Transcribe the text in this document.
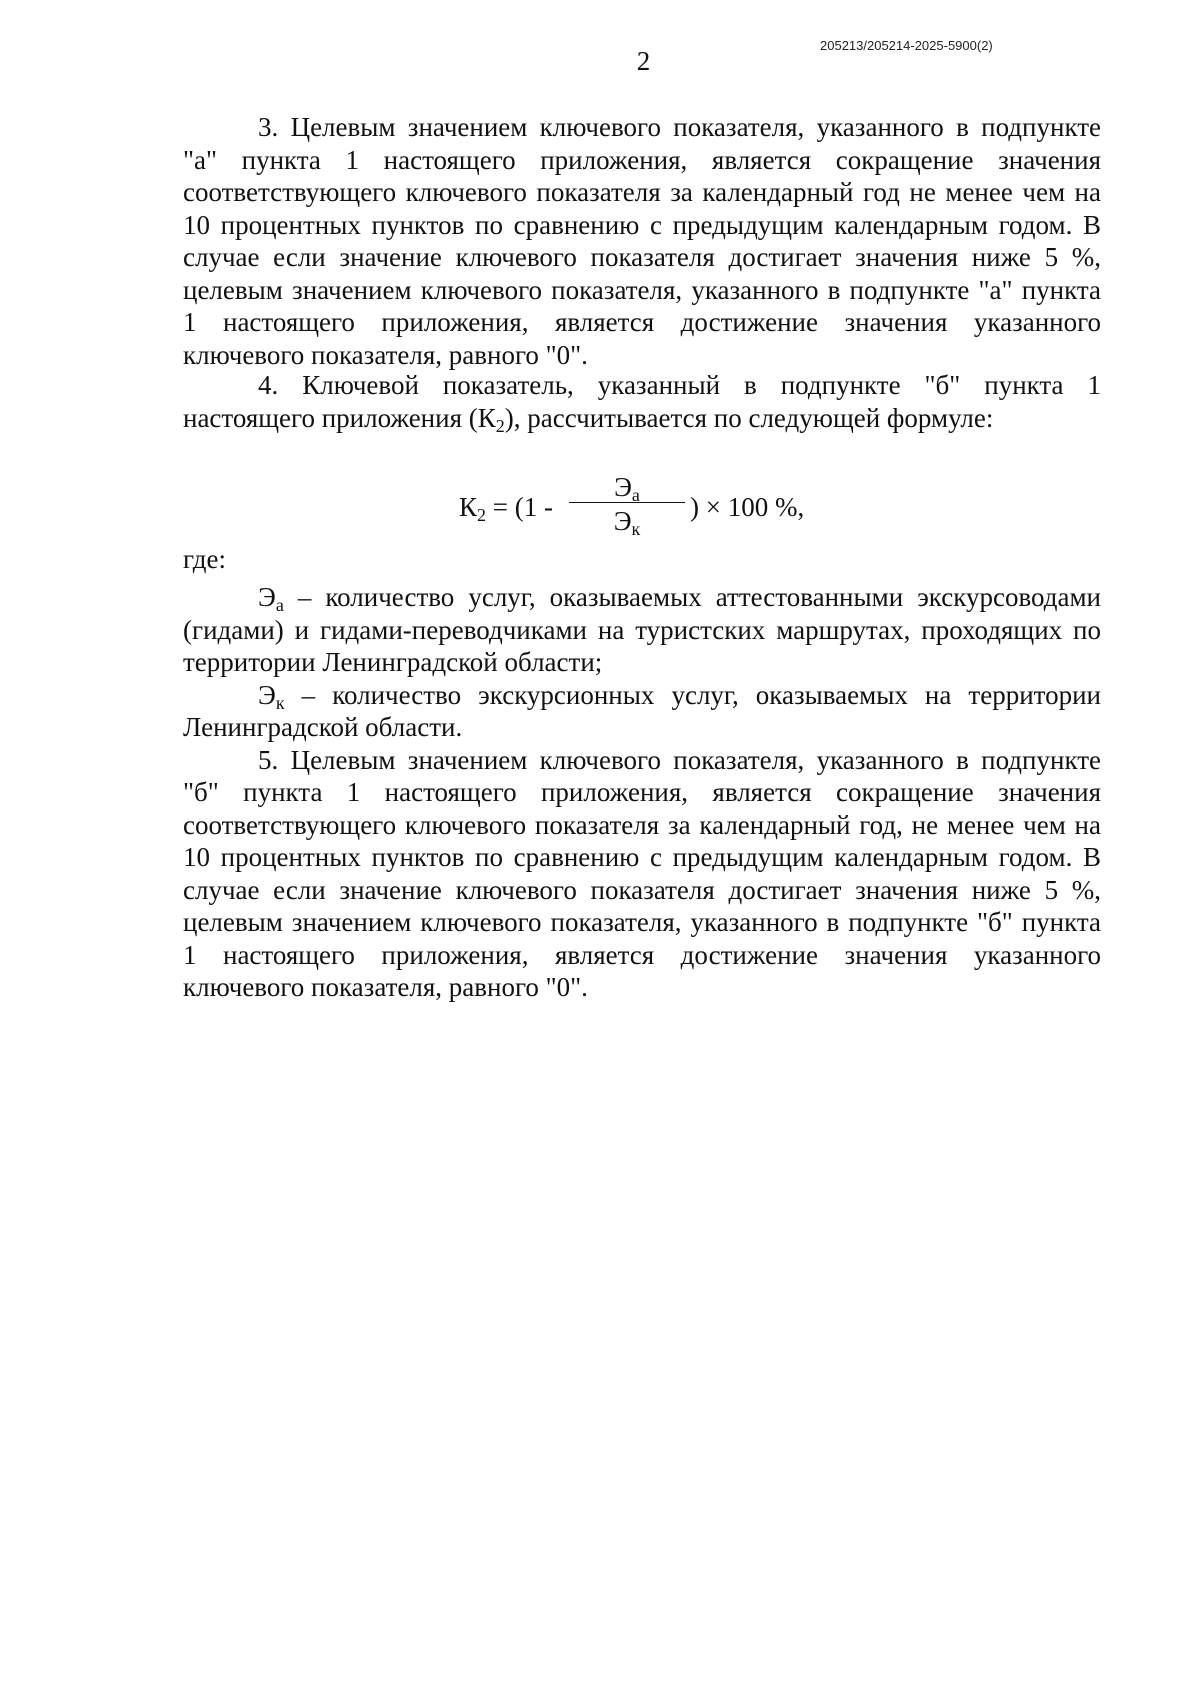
205213/205214-2025-5900(2)
2

3. Целевым значением ключевого показателя, указанного в подпункте "а" пункта 1 настоящего приложения, является сокращение значения соответствующего ключевого показателя за календарный год не менее чем на 10 процентных пунктов по сравнению с предыдущим календарным годом. В случае если значение ключевого показателя достигает значения ниже 5 %, целевым значением ключевого показателя, указанного в подпункте "а" пункта 1 настоящего приложения, является достижение значения указанного ключевого показателя, равного "0".

4. Ключевой показатель, указанный в подпункте "б" пункта 1 настоящего приложения $(К_2)$, рассчитывается по следующей формуле:

$К_2 = (1$ -
$Э_а$
$Э_к$
) × 100 %,

где:

$Э_а$ – количество услуг, оказываемых аттестованными экскурсоводами (гидами) и гидами-переводчиками на туристских маршрутах, проходящих по территории Ленинградской области;

$Э_к$ – количество экскурсионных услуг, оказываемых на территории Ленинградской области.

5. Целевым значением ключевого показателя, указанного в подпункте "б" пункта 1 настоящего приложения, является сокращение значения соответствующего ключевого показателя за календарный год, не менее чем на 10 процентных пунктов по сравнению с предыдущим календарным годом. В случае если значение ключевого показателя достигает значения ниже 5 %, целевым значением ключевого показателя, указанного в подпункте "б" пункта 1 настоящего приложения, является достижение значения указанного ключевого показателя, равного "0".
